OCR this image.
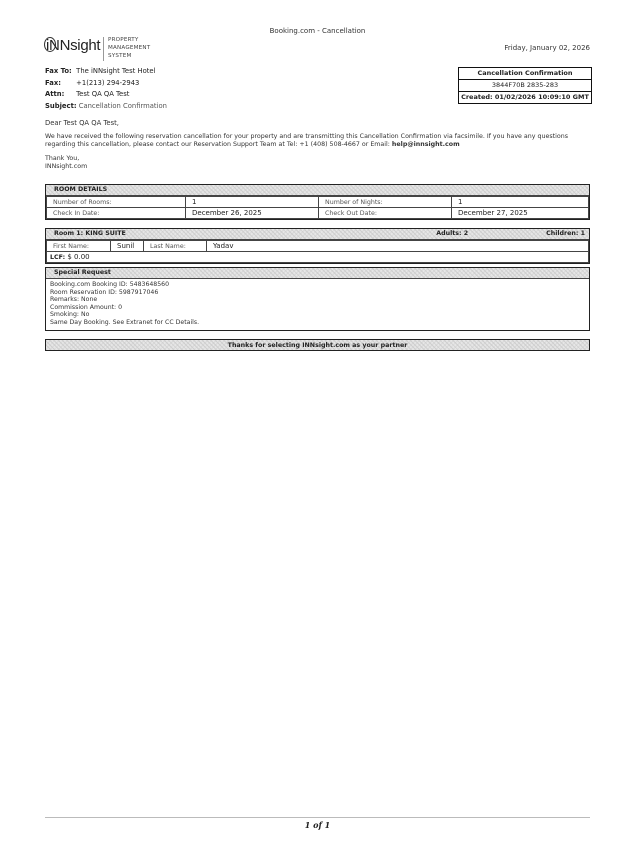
Booking.com - Cancellation
iNNsight PROPERTY
MANAGEMENT
SYSTEM
Friday, January 02, 2026
Fax To: The iNNsight Test Hotel
Fax: +1(213) 294-2943
Attn: Test QA QA Test
Subject: Cancellation Confirmation
Cancellation Confirmation
3844F70B 2835-283
Created: 01/02/2026 10:09:10 GMT

Dear Test QA QA Test,

We have received the following reservation cancellation for your property and are transmitting this Cancellation Confirmation via facsimile. If you have any questions regarding this cancellation, please contact our Reservation Support Team at Tel: +1 (408) 508-4667 or Email: help@innsight.com

Thank You,
INNsight.com

ROOM DETAILS
Number of Rooms:	1	Number of Nights:	1
Check In Date:	December 26, 2025	Check Out Date:	December 27, 2025
Room 1: KING SUITE	Adults: 2	Children: 1
First Name:	Sunil	Last Name:	Yadav
LCF: $ 0.00
Special Request
Booking.com Booking ID: 5483648560
Room Reservation ID: 5987917046
Remarks: None
Commission Amount: 0
Smoking: No
Same Day Booking. See Extranet for CC Details.
Thanks for selecting INNsight.com as your partner
1 of 1
